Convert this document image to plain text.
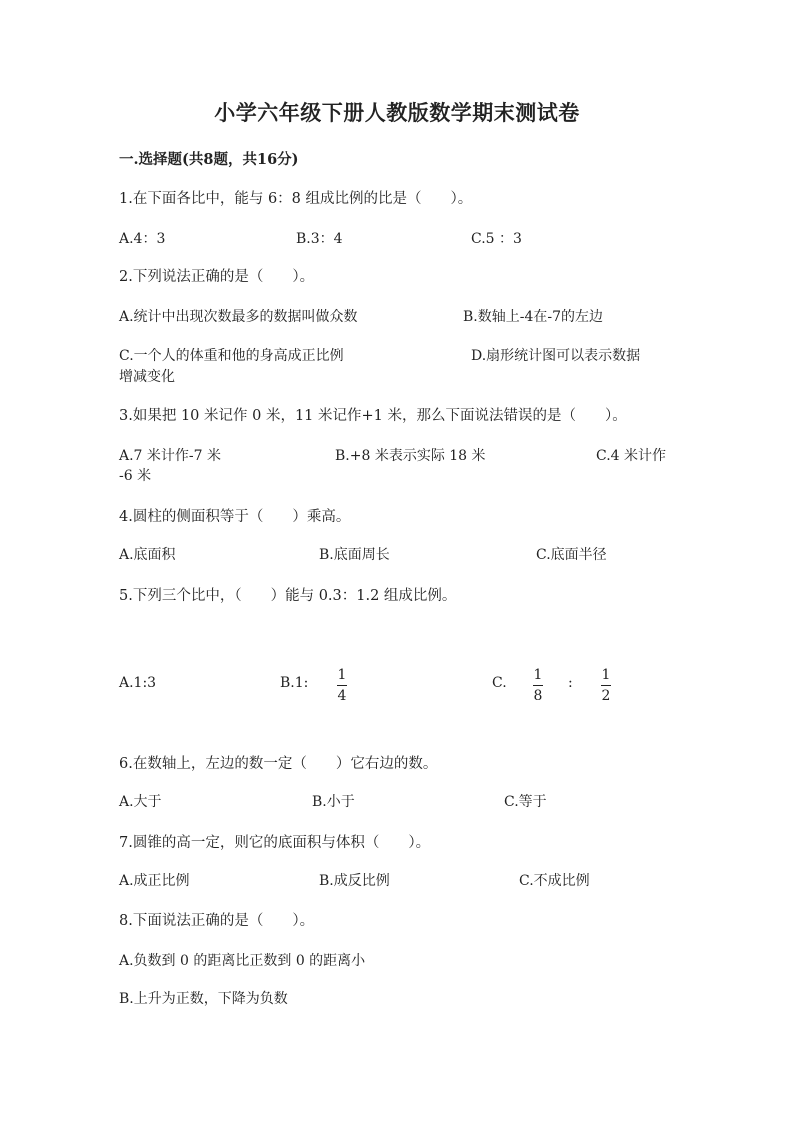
小学六年级下册人教版数学期末测试卷
一.选择题(共8题，共16分)
1.在下面各比中，能与 6：8 组成比例的比是（　　）。
A.4：3	B.3：4	C.5 ：3
2.下列说法正确的是（　　）。
A.统计中出现次数最多的数据叫做众数	B.数轴上-4在-7的左边
C.一个人的体重和他的身高成正比例	D.扇形统计图可以表示数据
增减变化
3.如果把 10 米记作 0 米，11 米记作+1 米，那么下面说法错误的是（　　）。
A.7 米计作-7 米	B.+8 米表示实际 18 米	C.4 米计作
-6 米
4.圆柱的侧面积等于（　　）乘高。
A.底面积	B.底面周长	C.底面半径
5.下列三个比中，（　　）能与 0.3：1.2 组成比例。
A.1:3	B.1: 1
4
C. 1
8
: 1
2
6.在数轴上，左边的数一定（　　）它右边的数。
A.大于	B.小于	C.等于
7.圆锥的高一定，则它的底面积与体积（　　）。
A.成正比例	B.成反比例	C.不成比例
8.下面说法正确的是（　　）。
A.负数到 0 的距离比正数到 0 的距离小
B.上升为正数，下降为负数
